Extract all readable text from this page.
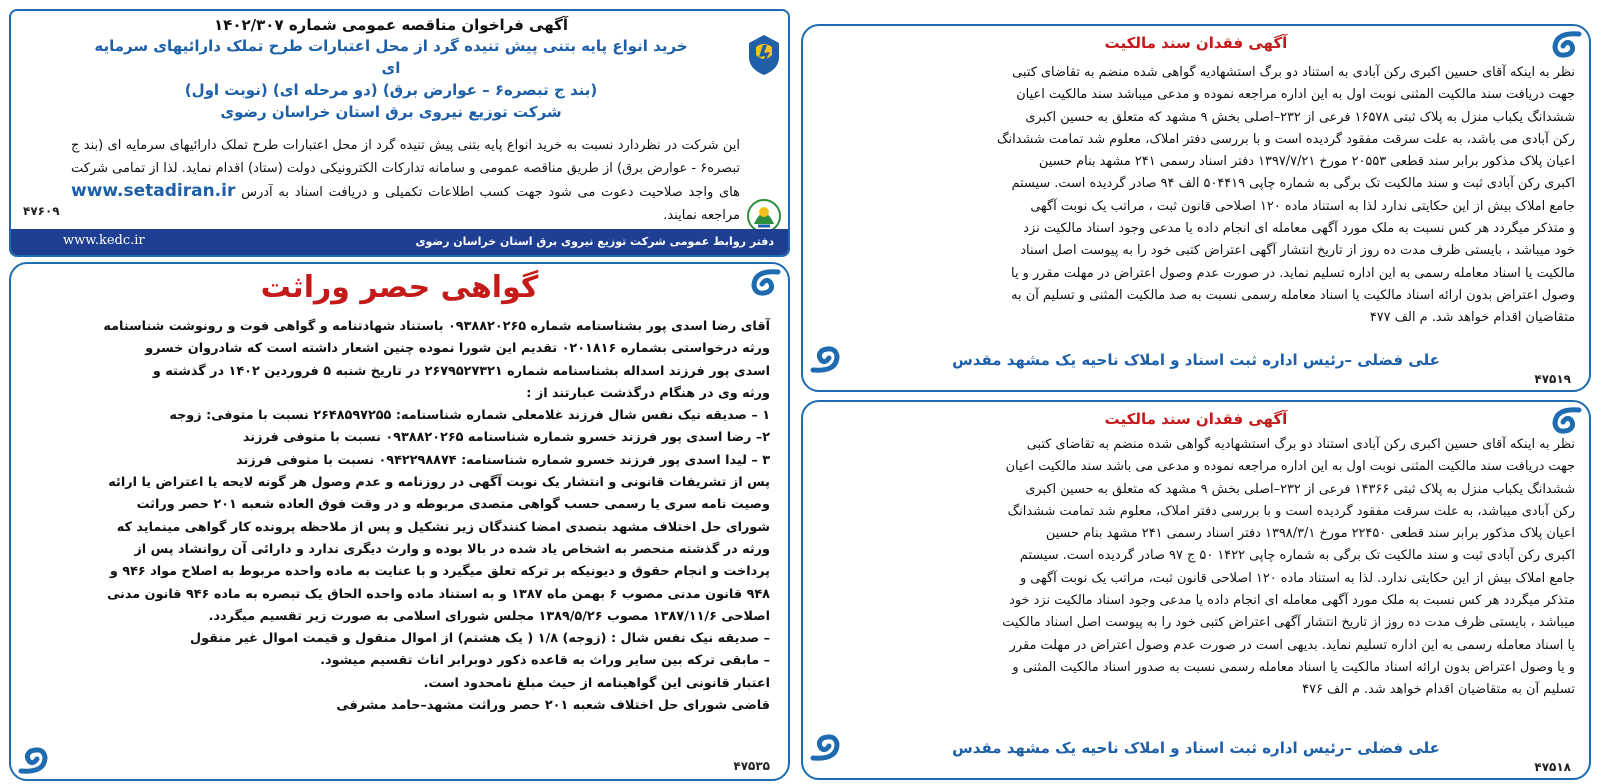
آگهی فراخوان مناقصه عمومی شماره ۱۴۰۲/۳۰۷
خرید انواع پایه بتنی پیش تنیده گرد از محل اعتبارات طرح تملک دارائیهای سرمایه ای
(بند ج تبصره۶ – عوارض برق) (دو مرحله ای) (نوبت اول)
شرکت توزیع نیروی برق استان خراسان رضوی
این شرکت در نظردارد نسبت به خرید انواع پایه بتنی پیش تنیده گرد از محل اعتبارات طرح تملک دارائیهای سرمایه ای (بند ج تبصره۶ - عوارض برق) از طریق مناقصه عمومی و سامانه تدارکات الکترونیکی دولت (ستاد) اقدام نماید. لذا از تمامی شرکت های واجد صلاحیت دعوت می شود جهت کسب اطلاعات تکمیلی و دریافت اسناد به آدرس www.setadiran.ir مراجعه نمایند.
۴۷۶۰۹
www.kedc.ir	دفتر روابط عمومی شرکت توزیع نیروی برق استان خراسان رضوی
گواهی حصر وراثت
آقای رضا اسدی پور بشناسنامه شماره ۰۹۳۸۸۲۰۲۶۵ باستناد شهادتنامه و گواهی فوت و رونوشت شناسنامه
ورثه درخواستی بشماره ۰۲۰۱۸۱۶ تقدیم این شورا نموده چنین اشعار داشته است که شادروان خسرو
اسدی پور فرزند اسداله بشناسنامه شماره ۲۶۷۹۵۲۷۳۲۱ در تاریخ شنبه ۵ فروردین ۱۴۰۲ در گذشته و
ورثه وی در هنگام درگذشت عبارتند از :
۱ – صدیقه نیک نفس شال فرزند غلامعلی شماره شناسنامه: ۲۶۴۸۵۹۷۲۵۵ نسبت با متوفی: زوجه
۲– رضا اسدی پور فرزند خسرو شماره شناسنامه ۰۹۳۸۸۲۰۲۶۵ نسبت با متوفی فرزند
۳ – لیدا اسدی پور فرزند خسرو شماره شناسنامه: ۰۹۴۲۲۹۸۸۷۴ نسبت با متوفی فرزند
پس از تشریفات قانونی و انتشار یک نوبت آگهی در روزنامه و عدم وصول هر گونه لایحه یا اعتراض یا ارائه
وصیت نامه سری یا رسمی حسب گواهی متصدی مربوطه و در وقت فوق العاده شعبه ۲۰۱ حصر وراثت
شورای حل اختلاف مشهد بتصدی امضا کنندگان زیر تشکیل و پس از ملاحظه پرونده کار گواهی مینماید که
ورثه در گذشته منحصر به اشخاص یاد شده در بالا بوده و وارث دیگری ندارد و دارائی آن روانشاد پس از
پرداخت و انجام حقوق و دیونیکه بر ترکه تعلق میگیرد و با عنایت به ماده واحده مربوط به اصلاح مواد ۹۴۶ و
۹۴۸ قانون مدنی مصوب ۶ بهمن ماه ۱۳۸۷ و به استناد ماده واحده الحاق یک تبصره به ماده ۹۴۶ قانون مدنی
اصلاحی ۱۳۸۷/۱۱/۶ مصوب ۱۳۸۹/۵/۲۶ مجلس شورای اسلامی به صورت زیر تقسیم میگردد.
– صدیقه نیک نفس شال : (زوجه) ۱/۸ ( یک هشتم) از اموال منقول و قیمت اموال غیر منقول
– مابقی ترکه بین سایر وراث به قاعده ذکور دوبرابر اناث تقسیم میشود.
اعتبار قانونی این گواهینامه از حیث مبلغ نامحدود است.
قاضی شورای حل اختلاف شعبه ۲۰۱ حصر وراثت مشهد–حامد مشرفی
۴۷۵۳۵
آگهی فقدان سند مالکیت
نظر به اینکه آقای حسین اکبری رکن آبادی به استناد دو برگ استشهادیه گواهی شده منضم به تقاضای کتبی
جهت دریافت سند مالکیت المثنی نوبت اول به این اداره مراجعه نموده و مدعی میباشد سند مالکیت اعیان
ششدانگ یکباب منزل به پلاک ثبتی ۱۶۵۷۸ فرعی از ۲۳۲–اصلی بخش ۹ مشهد که متعلق به حسین اکبری
رکن آبادی می باشد، به علت سرقت مفقود گردیده است و با بررسی دفتر املاک، معلوم شد تمامت ششدانگ
اعیان پلاک مذکور برابر سند قطعی ۲۰۵۵۳ مورخ ۱۳۹۷/۷/۲۱ دفتر اسناد رسمی ۲۴۱ مشهد بنام حسین
اکبری رکن آبادی ثبت و سند مالکیت تک برگی به شماره چاپی ۵۰۴۴۱۹ الف ۹۴ صادر گردیده است. سیستم
جامع املاک بیش از این حکایتی ندارد لذا به استناد ماده ۱۲۰ اصلاحی قانون ثبت ، مراتب یک نوبت آگهی
و متذکر میگردد هر کس نسبت به ملک مورد آگهی معامله ای انجام داده یا مدعی وجود اسناد مالکیت نزد
خود میباشد ، بایستی ظرف مدت ده روز از تاریخ انتشار آگهی اعتراض کتبی خود را به پیوست اصل اسناد
مالکیت یا اسناد معامله رسمی به این اداره تسلیم نماید. در صورت عدم وصول اعتراض در مهلت مقرر و یا
وصول اعتراض بدون ارائه اسناد مالکیت یا اسناد معامله رسمی نسبت به صد مالکیت المثنی و تسلیم آن به
متقاضیان اقدام خواهد شد. م الف ۴۷۷
علی فضلی –رئیس اداره ثبت اسناد و املاک ناحیه یک مشهد مقدس
۴۷۵۱۹
آگهی فقدان سند مالکیت
نظر به اینکه آقای حسین اکبری رکن آبادی استناد دو برگ استشهادیه گواهی شده منضم به تقاضای کتبی
جهت دریافت سند مالکیت المثنی نوبت اول به این اداره مراجعه نموده و مدعی می باشد سند مالکیت اعیان
ششدانگ یکباب منزل به پلاک ثبتی ۱۴۳۶۶ فرعی از ۲۳۲–اصلی بخش ۹ مشهد که متعلق به حسین اکبری
رکن آبادی میباشد، به علت سرقت مفقود گردیده است و با بررسی دفتر املاک، معلوم شد تمامت ششدانگ
اعیان پلاک مذکور برابر سند قطعی ۲۲۴۵۰ مورخ ۱۳۹۸/۳/۱ دفتر اسناد رسمی ۲۴۱ مشهد بنام حسین
اکبری رکن آبادی ثبت و سند مالکیت تک برگی به شماره چاپی ۱۴۲۲ ۵۰ ج ۹۷ صادر گردیده است. سیستم
جامع املاک بیش از این حکایتی ندارد. لذا به استناد ماده ۱۲۰ اصلاحی قانون ثبت، مراتب یک نوبت آگهی و
متذکر میگردد هر کس نسبت به ملک مورد آگهی معامله ای انجام داده یا مدعی وجود اسناد مالکیت نزد خود
میباشد ، بایستی ظرف مدت ده روز از تاریخ انتشار آگهی اعتراض کتبی خود را به پیوست اصل اسناد مالکیت
یا اسناد معامله رسمی به این اداره تسلیم نماید. بدیهی است در صورت عدم وصول اعتراض در مهلت مقرر
و یا وصول اعتراض بدون ارائه اسناد مالکیت یا اسناد معامله رسمی نسبت به صدور اسناد مالکیت المثنی و
تسلیم آن به متقاضیان اقدام خواهد شد. م الف ۴۷۶
علی فضلی –رئیس اداره ثبت اسناد و املاک ناحیه یک مشهد مقدس
۴۷۵۱۸
